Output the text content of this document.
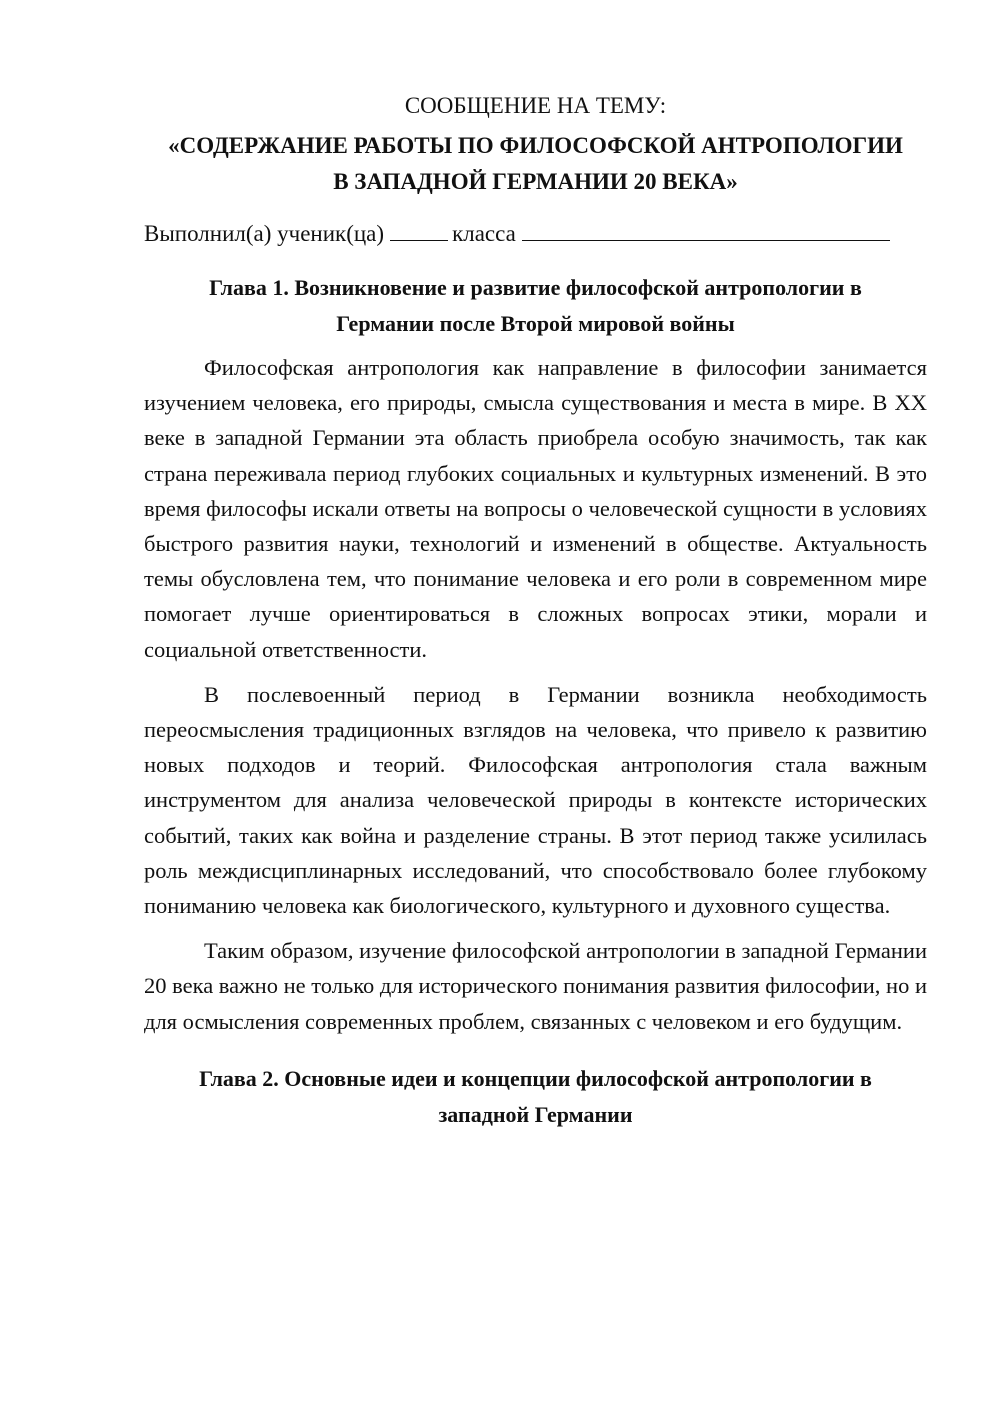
СООБЩЕНИЕ НА ТЕМУ:

«СОДЕРЖАНИЕ РАБОТЫ ПО ФИЛОСОФСКОЙ АНТРОПОЛОГИИ
В ЗАПАДНОЙ ГЕРМАНИИ 20 ВЕКА»

Выполнил(а) ученик(ца)	класса

Глава 1. Возникновение и развитие философской антропологии в
Германии после Второй мировой войны

Философская антропология как направление в философии занимается изучением человека, его природы, смысла существования и места в мире. В XX веке в западной Германии эта область приобрела особую значимость, так как страна переживала период глубоких социальных и культурных изменений. В это время философы искали ответы на вопросы о человеческой сущности в условиях быстрого развития науки, технологий и изменений в обществе. Актуальность темы обусловлена тем, что понимание человека и его роли в современном мире помогает лучше ориентироваться в сложных вопросах этики, морали и социальной ответственности.

В послевоенный период в Германии возникла необходимость переосмысления традиционных взглядов на человека, что привело к развитию новых подходов и теорий. Философская антропология стала важным инструментом для анализа человеческой природы в контексте исторических событий, таких как война и разделение страны. В этот период также усилилась роль междисциплинарных исследований, что способствовало более глубокому пониманию человека как биологического, культурного и духовного существа.

Таким образом, изучение философской антропологии в западной Германии 20 века важно не только для исторического понимания развития философии, но и для осмысления современных проблем, связанных с человеком и его будущим.

Глава 2. Основные идеи и концепции философской антропологии в
западной Германии
